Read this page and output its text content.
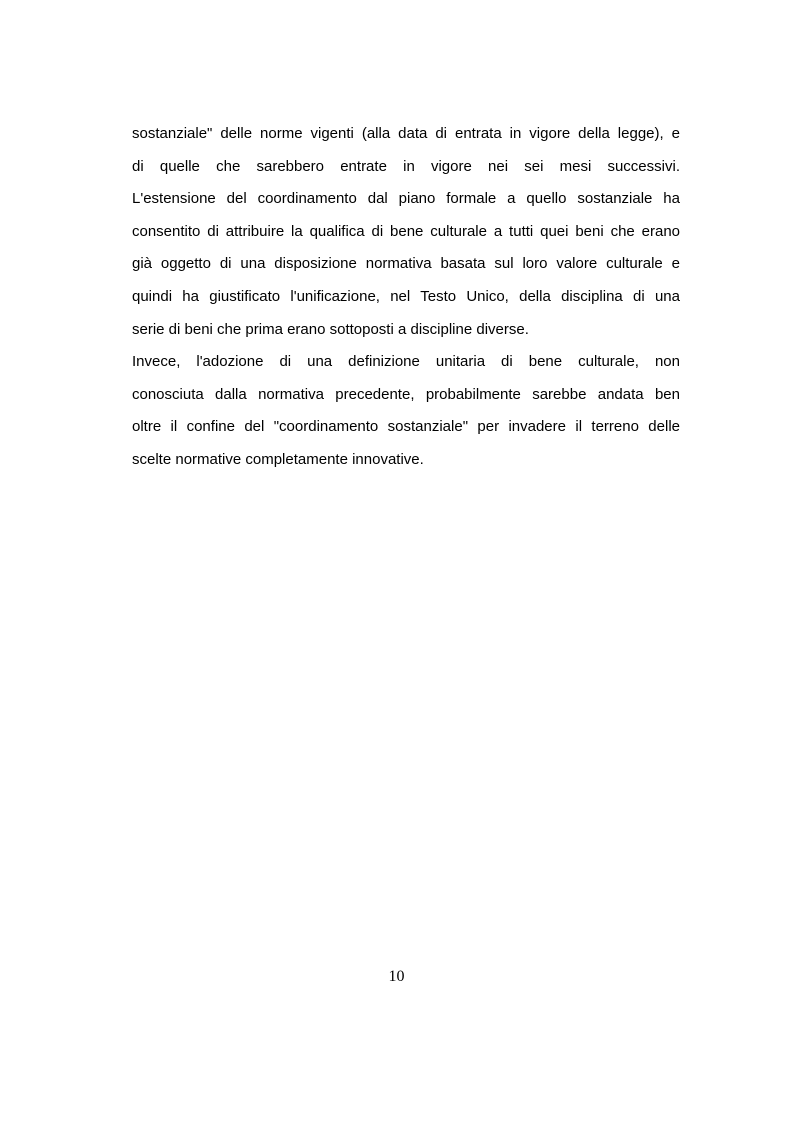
sostanziale" delle norme vigenti (alla data di entrata in vigore della legge), e
di quelle che sarebbero entrate in vigore nei sei mesi successivi.
L'estensione del coordinamento dal piano formale a quello sostanziale ha
consentito di attribuire la qualifica di bene culturale a tutti quei beni che erano
già oggetto di una disposizione normativa basata sul loro valore culturale e
quindi ha giustificato l'unificazione, nel Testo Unico, della disciplina di una
serie di beni che prima erano sottoposti a discipline diverse.

Invece, l'adozione di una definizione unitaria di bene culturale, non
conosciuta dalla normativa precedente, probabilmente sarebbe andata ben
oltre il confine del "coordinamento sostanziale" per invadere il terreno delle
scelte normative completamente innovative.

10
